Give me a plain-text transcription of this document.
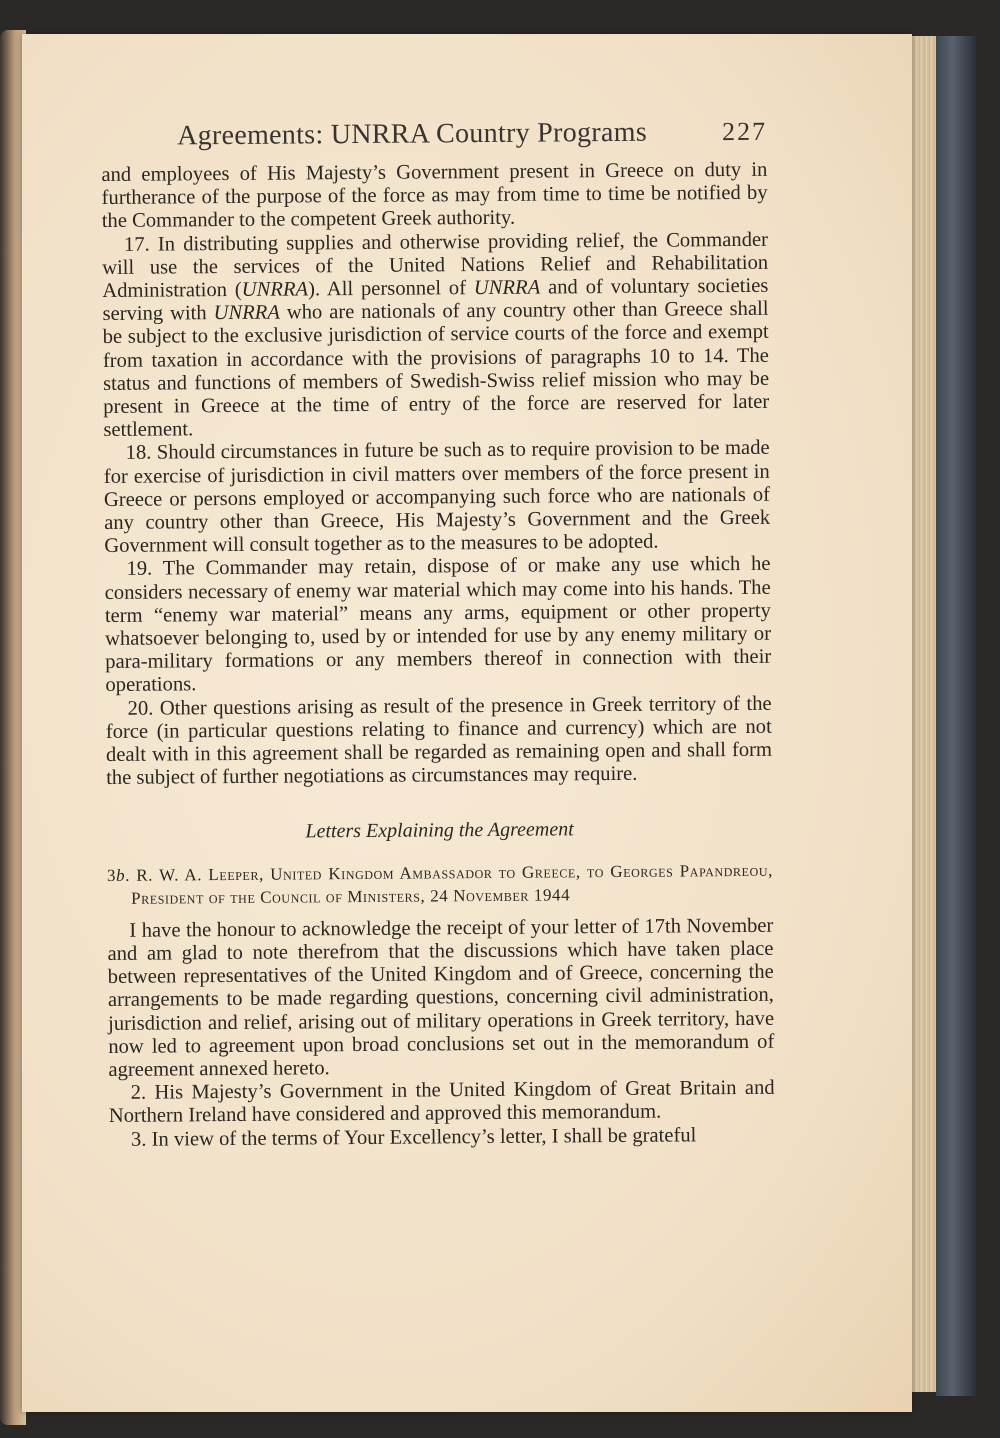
Agreements: UNRRA Country Programs	227

and employees of His Majesty’s Government present in Greece on duty in furtherance of the purpose of the force as may from time to time be notified by the Commander to the competent Greek authority.

17. In distributing supplies and otherwise providing relief, the Commander will use the services of the United Nations Relief and Rehabilitation Administration (UNRRA). All personnel of UNRRA and of voluntary societies serving with UNRRA who are nationals of any country other than Greece shall be subject to the exclusive jurisdiction of service courts of the force and exempt from taxation in accordance with the provisions of paragraphs 10 to 14. The status and functions of members of Swedish-Swiss relief mission who may be present in Greece at the time of entry of the force are reserved for later settlement.

18. Should circumstances in future be such as to require provision to be made for exercise of jurisdiction in civil matters over members of the force present in Greece or persons employed or accompanying such force who are nationals of any country other than Greece, His Majesty’s Government and the Greek Government will consult together as to the measures to be adopted.

19. The Commander may retain, dispose of or make any use which he considers necessary of enemy war material which may come into his hands. The term “enemy war material” means any arms, equipment or other property whatsoever belonging to, used by or intended for use by any enemy military or para-military formations or any members thereof in connection with their operations.

20. Other questions arising as result of the presence in Greek territory of the force (in particular questions relating to finance and currency) which are not dealt with in this agreement shall be regarded as remaining open and shall form the subject of further negotiations as circumstances may require.

Letters Explaining the Agreement
3b. R. W. A. Leeper, United Kingdom Ambassador to Greece, to Georges Papandreou, President of the Council of Ministers, 24 November 1944

I have the honour to acknowledge the receipt of your letter of 17th November and am glad to note therefrom that the discussions which have taken place between representatives of the United Kingdom and of Greece, concerning the arrangements to be made regarding questions, concerning civil administration, jurisdiction and relief, arising out of military operations in Greek territory, have now led to agreement upon broad conclusions set out in the memorandum of agreement annexed hereto.

2. His Majesty’s Government in the United Kingdom of Great Britain and Northern Ireland have considered and approved this memorandum.

3. In view of the terms of Your Excellency’s letter, I shall be grateful
